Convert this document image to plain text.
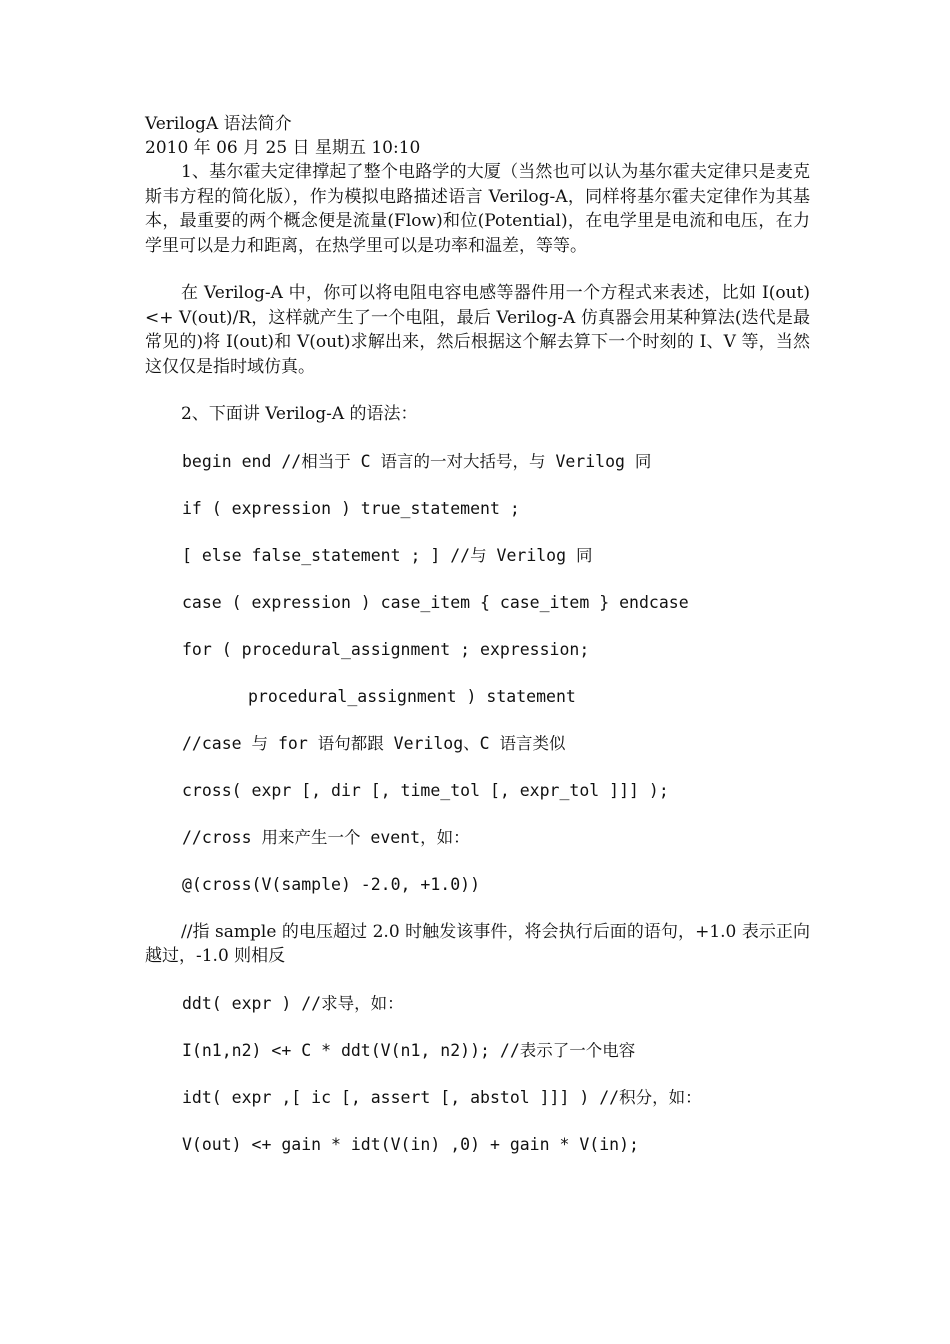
VerilogA 语法简介
2010 年 06 月 25 日 星期五 10:10

1、基尔霍夫定律撑起了整个电路学的大厦（当然也可以认为基尔霍夫定律只是麦克斯韦方程的简化版），作为模拟电路描述语言 Verilog-A，同样将基尔霍夫定律作为其基本，最重要的两个概念便是流量(Flow)和位(Potential)，在电学里是电流和电压，在力学里可以是力和距离，在热学里可以是功率和温差，等等。

在 Verilog-A 中，你可以将电阻电容电感等器件用一个方程式来表述，比如 I(out) <+ V(out)/R，这样就产生了一个电阻，最后 Verilog-A 仿真器会用某种算法(迭代是最常见的)将 I(out)和 V(out)求解出来，然后根据这个解去算下一个时刻的 I、V 等，当然这仅仅是指时域仿真。

2、下面讲 Verilog-A 的语法：

begin end //相当于 C 语言的一对大括号，与 Verilog 同

if ( expression ) true_statement ;

[ else false_statement ; ] //与 Verilog 同

case ( expression ) case_item { case_item } endcase

for ( procedural_assignment ; expression;

procedural_assignment ) statement

//case 与 for 语句都跟 Verilog、C 语言类似

cross( expr [, dir [, time_tol [, expr_tol ]]] );

//cross 用来产生一个 event，如：

@(cross(V(sample) -2.0, +1.0))

//指 sample 的电压超过 2.0 时触发该事件，将会执行后面的语句，+1.0 表示正向越过，-1.0 则相反

ddt( expr ) //求导，如：

I(n1,n2) <+ C * ddt(V(n1, n2)); //表示了一个电容

idt( expr ,[ ic [, assert [, abstol ]]] ) //积分，如：

V(out) <+ gain * idt(V(in) ,0) + gain * V(in);
